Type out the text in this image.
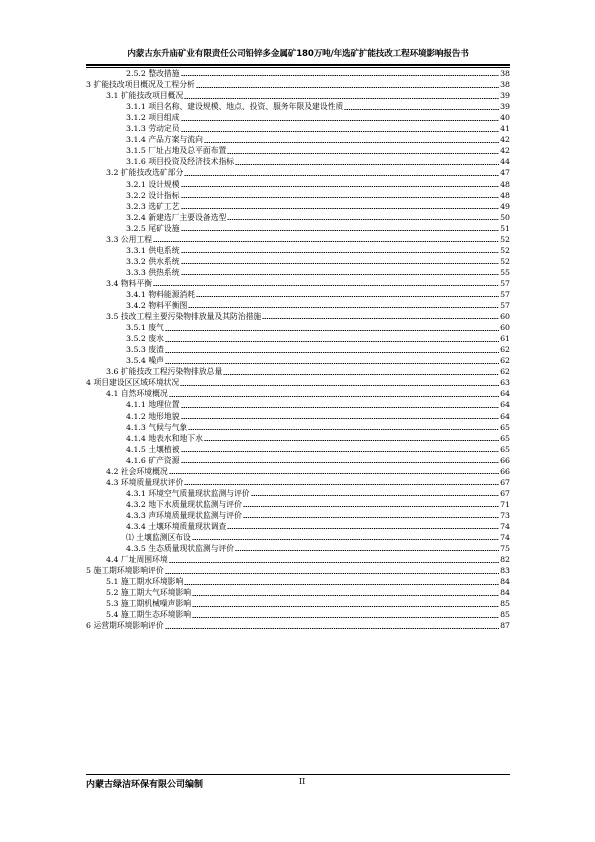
内蒙古东升庙矿业有限责任公司铅锌多金属矿180万吨/年选矿扩能技改工程环境影响报告书
2.5.2 整改措施	38
3 扩能技改项目概况及工程分析	38
3.1 扩能技改项目概况	39
3.1.1 项目名称、建设规模、地点、投资、服务年限及建设性质	39
3.1.2 项目组成	40
3.1.3 劳动定员	41
3.1.4 产品方案与流向	42
3.1.5 厂址占地及总平面布置	42
3.1.6 项目投资及经济技术指标	44
3.2 扩能技改选矿部分	47
3.2.1 设计规模	48
3.2.2 设计指标	48
3.2.3 选矿工艺	49
3.2.4 新建选厂主要设备选型	50
3.2.5 尾矿设施	51
3.3 公用工程	52
3.3.1 供电系统	52
3.3.2 供水系统	52
3.3.3 供热系统	55
3.4 物料平衡	57
3.4.1 物料能源消耗	57
3.4.2 物料平衡图	57
3.5 技改工程主要污染物排放量及其防治措施	60
3.5.1 废气	60
3.5.2 废水	61
3.5.3 废渣	62
3.5.4 噪声	62
3.6 扩能技改工程污染物排放总量	62
4 项目建设区区域环境状况	63
4.1 自然环境概况	64
4.1.1 地理位置	64
4.1.2 地形地貌	64
4.1.3 气候与气象	65
4.1.4 地表水和地下水	65
4.1.5 土壤植被	65
4.1.6 矿产资源	66
4.2 社会环境概况	66
4.3 环境质量现状评价	67
4.3.1 环境空气质量现状监测与评价	67
4.3.2 地下水质量现状监测与评价	71
4.3.3 声环境质量现状监测与评价	73
4.3.4 土壤环境质量现状调查	74
⑴ 土壤监测区布设	74
4.3.5 生态质量现状监测与评价	75
4.4 厂址周围环境	82
5 施工期环境影响评价	83
5.1 施工期水环境影响	84
5.2 施工期大气环境影响	84
5.3 施工期机械噪声影响	85
5.4 施工期生态环境影响	85
6 运营期环境影响评价	87
内蒙古绿洁环保有限公司编制	II
